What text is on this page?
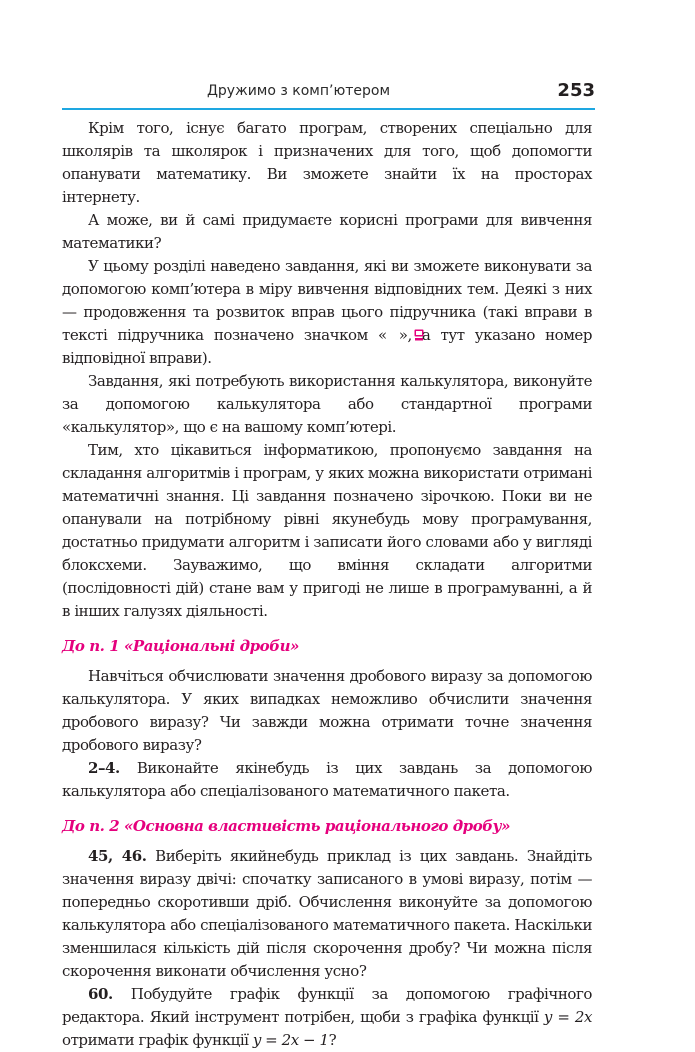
Дружимо з комп’ютером	253

Крім того, існує багато програм, створених спеціально для школярів та школярок і призначених для того, щоб допомогти опанувати математику. Ви зможете знайти їх на просторах інтернету.

А може, ви й самі придумаєте корисні програми для вивчення математики?

У цьому розділі наведено завдання, які ви зможете виконувати за допомогою комп’ютера в міру вивчення відповідних тем. Деякі з них — продовження та розвиток вправ цього підручника (такі вправи в тексті підручника позначено значком « », а тут указано номер відповідної вправи).

Завдання, які потребують використання калькулятора, виконуйте за допомогою калькулятора або стандартної програми «калькулятор», що є на вашому комп’ютері.

Тим, хто цікавиться інформатикою, пропонуємо завдання на складання алгоритмів і програм, у яких можна використати отримані математичні знання. Ці завдання позначено зірочкою. Поки ви не опанували на потрібному рівні якунебудь мову програмування, достатньо придумати алгоритм і записати його словами або у вигляді блоксхеми. Зауважимо, що вміння складати алгоритми (послідовності дій) стане вам у пригоді не лише в програмуванні, а й в інших галузях діяльності.

До п. 1 «Раціональні дроби»

Навчіться обчислювати значення дробового виразу за допомогою калькулятора. У яких випадках неможливо обчислити значення дробового виразу? Чи завжди можна отримати точне значення дробового виразу?

2–4. Виконайте якінебудь із цих завдань за допомогою калькулятора або спеціалізованого математичного пакета.

До п. 2 «Основна властивість раціонального дробу»

45, 46. Виберіть якийнебудь приклад із цих завдань. Знайдіть значення виразу двічі: спочатку записаного в умові виразу, потім — попередньо скоротивши дріб. Обчислення виконуйте за допомогою калькулятора або спеціалізованого математичного пакета. Наскільки зменшилася кількість дій після скорочення дробу? Чи можна після скорочення виконати обчислення усно?

60. Побудуйте графік функції за допомогою графічного редактора. Який інструмент потрібен, щоби з графіка функції y = 2x отримати графік функції y = 2x − 1?
